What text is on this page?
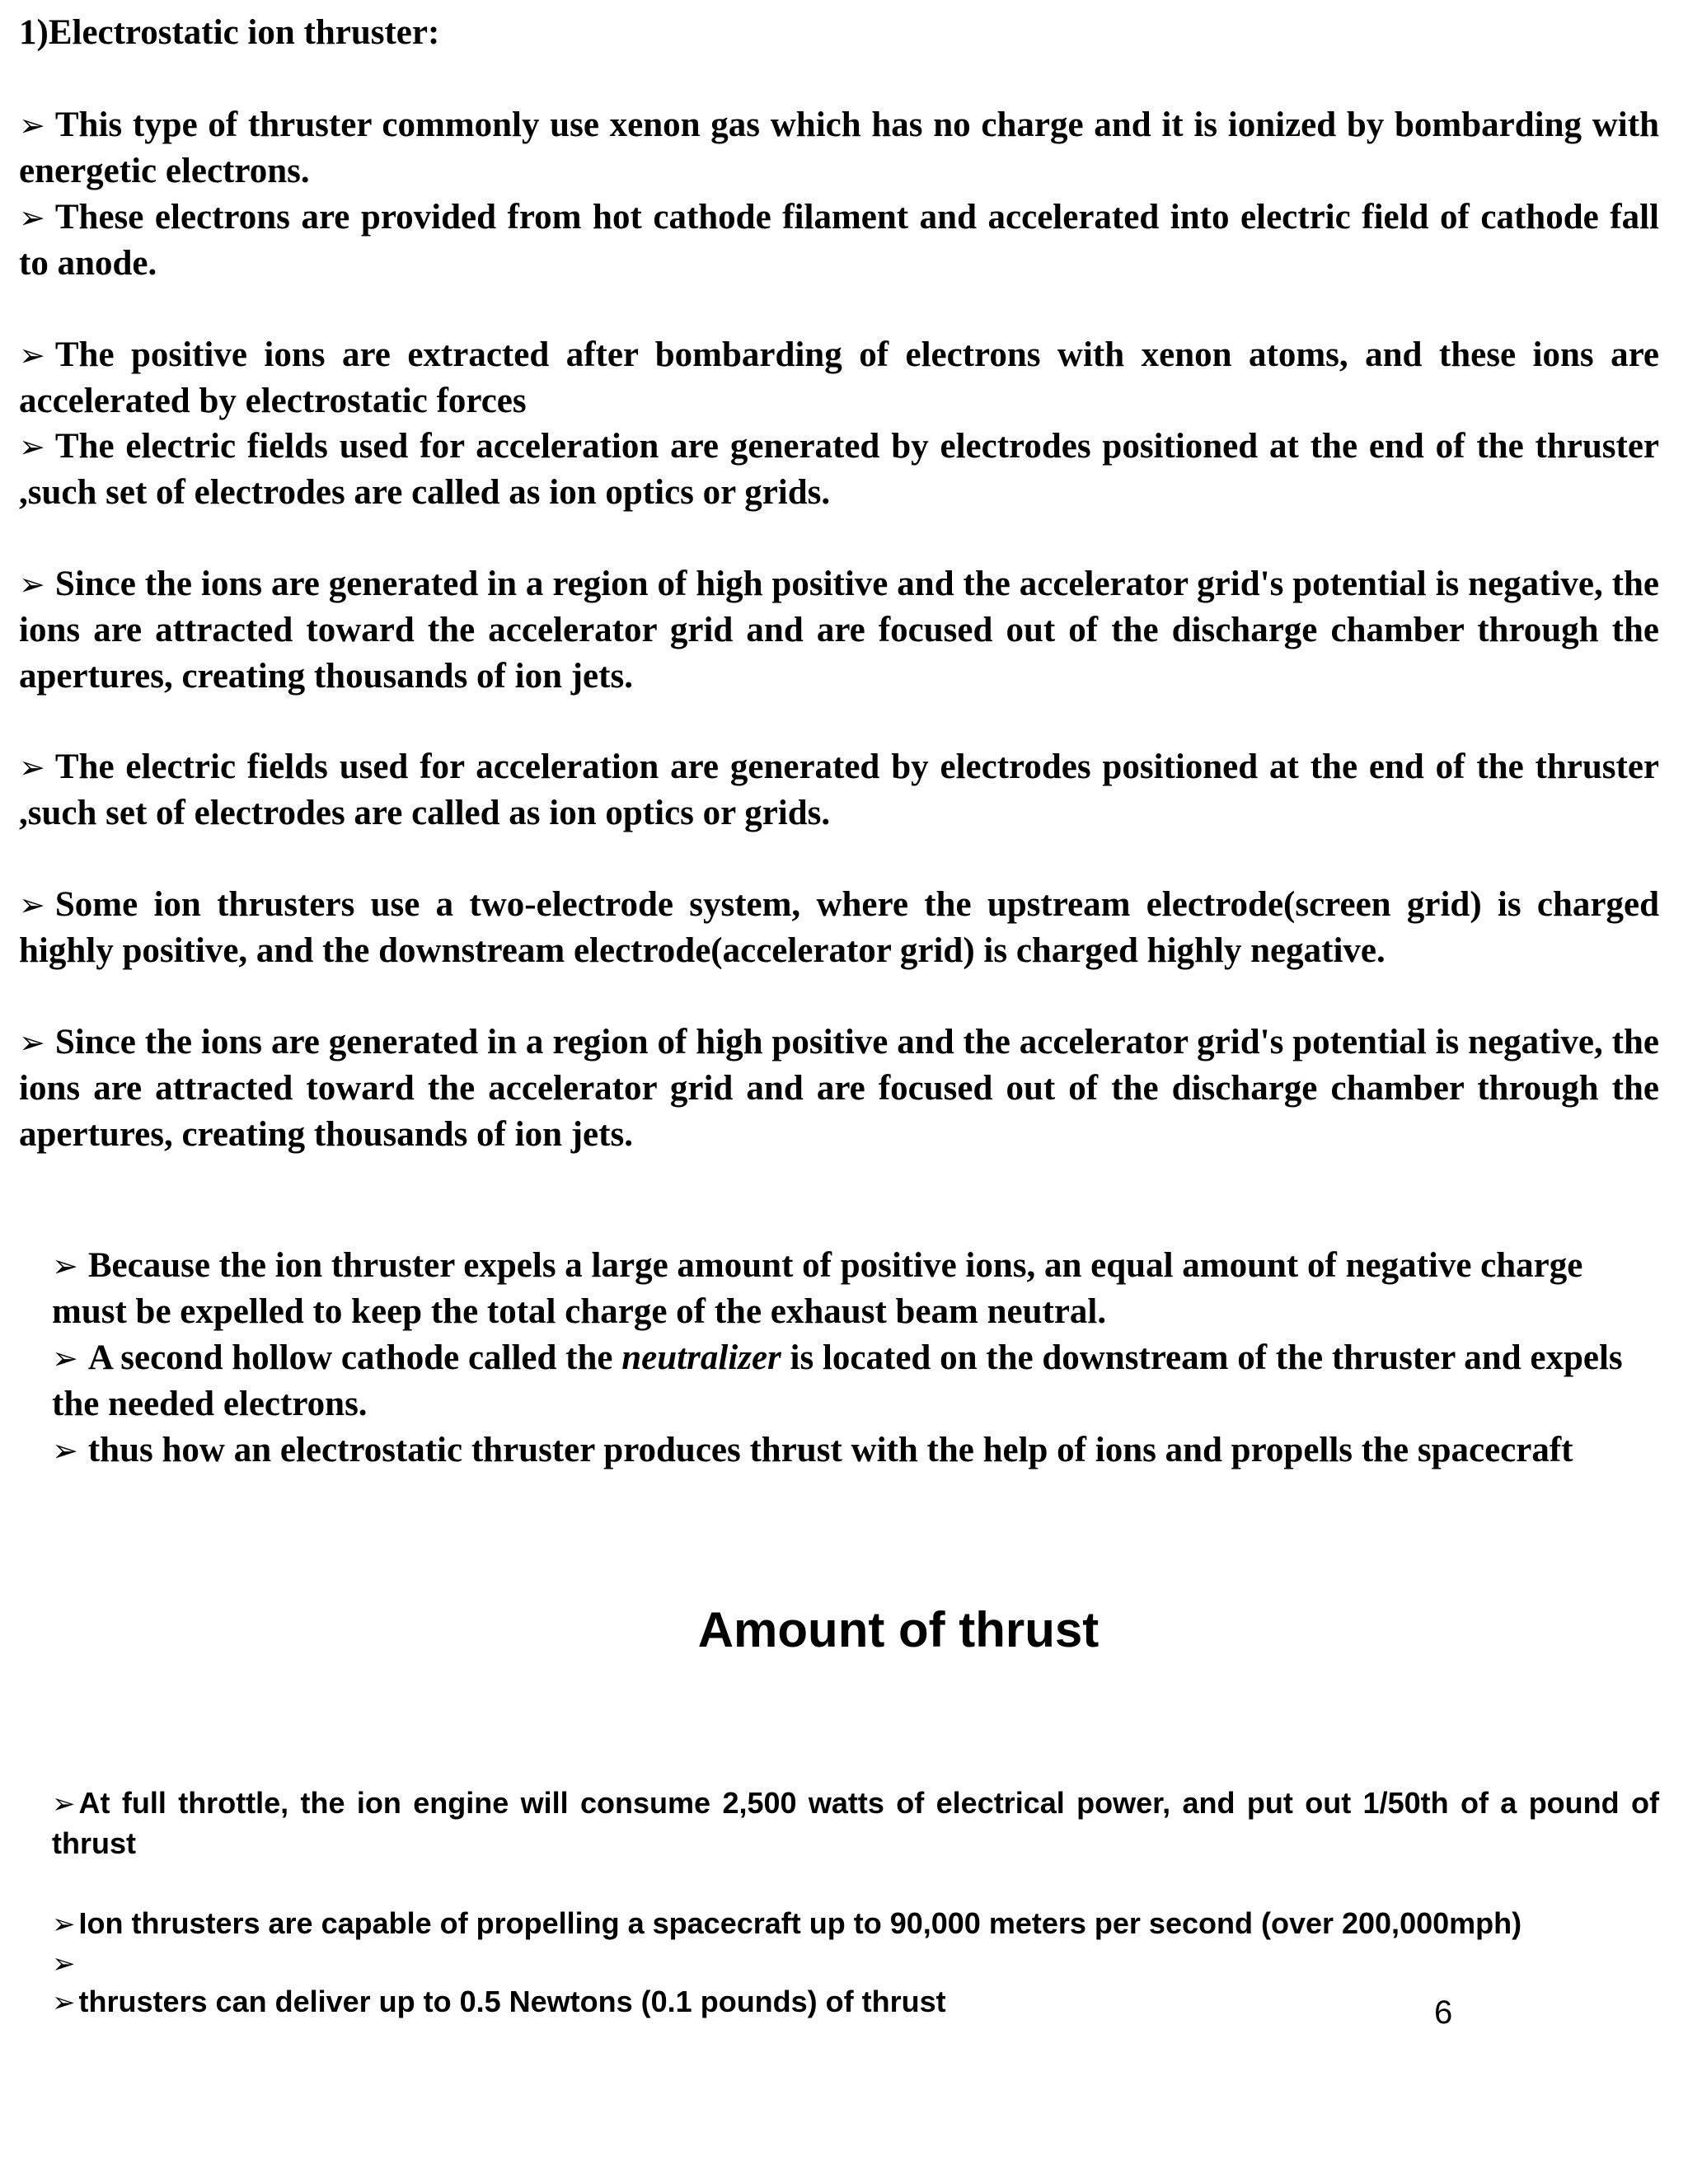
1)Electrostatic ion thruster:

➢ This type of thruster commonly use xenon gas which has no charge and it is ionized by bombarding with energetic electrons.

➢ These electrons are provided from hot cathode filament and accelerated into electric field of cathode fall to anode.

➢ The positive ions are extracted after bombarding of electrons with xenon atoms, and these ions are accelerated by electrostatic forces

➢ The electric fields used for acceleration are generated by electrodes positioned at the end of the thruster ,such set of electrodes are called as ion optics or grids.

➢ Since the ions are generated in a region of high positive and the accelerator grid's potential is negative, the ions are attracted toward the accelerator grid and are focused out of the discharge chamber through the apertures, creating thousands of ion jets.

➢ The electric fields used for acceleration are generated by electrodes positioned at the end of the thruster ,such set of electrodes are called as ion optics or grids.

➢ Some ion thrusters use a two-electrode system, where the upstream electrode(screen grid) is charged highly positive, and the downstream electrode(accelerator grid) is charged highly negative.

➢ Since the ions are generated in a region of high positive and the accelerator grid's potential is negative, the ions are attracted toward the accelerator grid and are focused out of the discharge chamber through the apertures, creating thousands of ion jets.

➢ Because the ion thruster expels a large amount of positive ions, an equal amount of negative charge must be expelled to keep the total charge of the exhaust beam neutral.

➢ A second hollow cathode called the neutralizer is located on the downstream of the thruster and expels the needed electrons.

➢ thus how an electrostatic thruster produces thrust with the help of ions and propells the spacecraft

Amount of thrust

➢ At full throttle, the ion engine will consume 2,500 watts of electrical power, and put out 1/50th of a pound of thrust

➢ Ion thrusters are capable of propelling a spacecraft up to 90,000 meters per second (over 200,000mph)

➢

➢ thrusters can deliver up to 0.5 Newtons (0.1 pounds) of thrust	6
